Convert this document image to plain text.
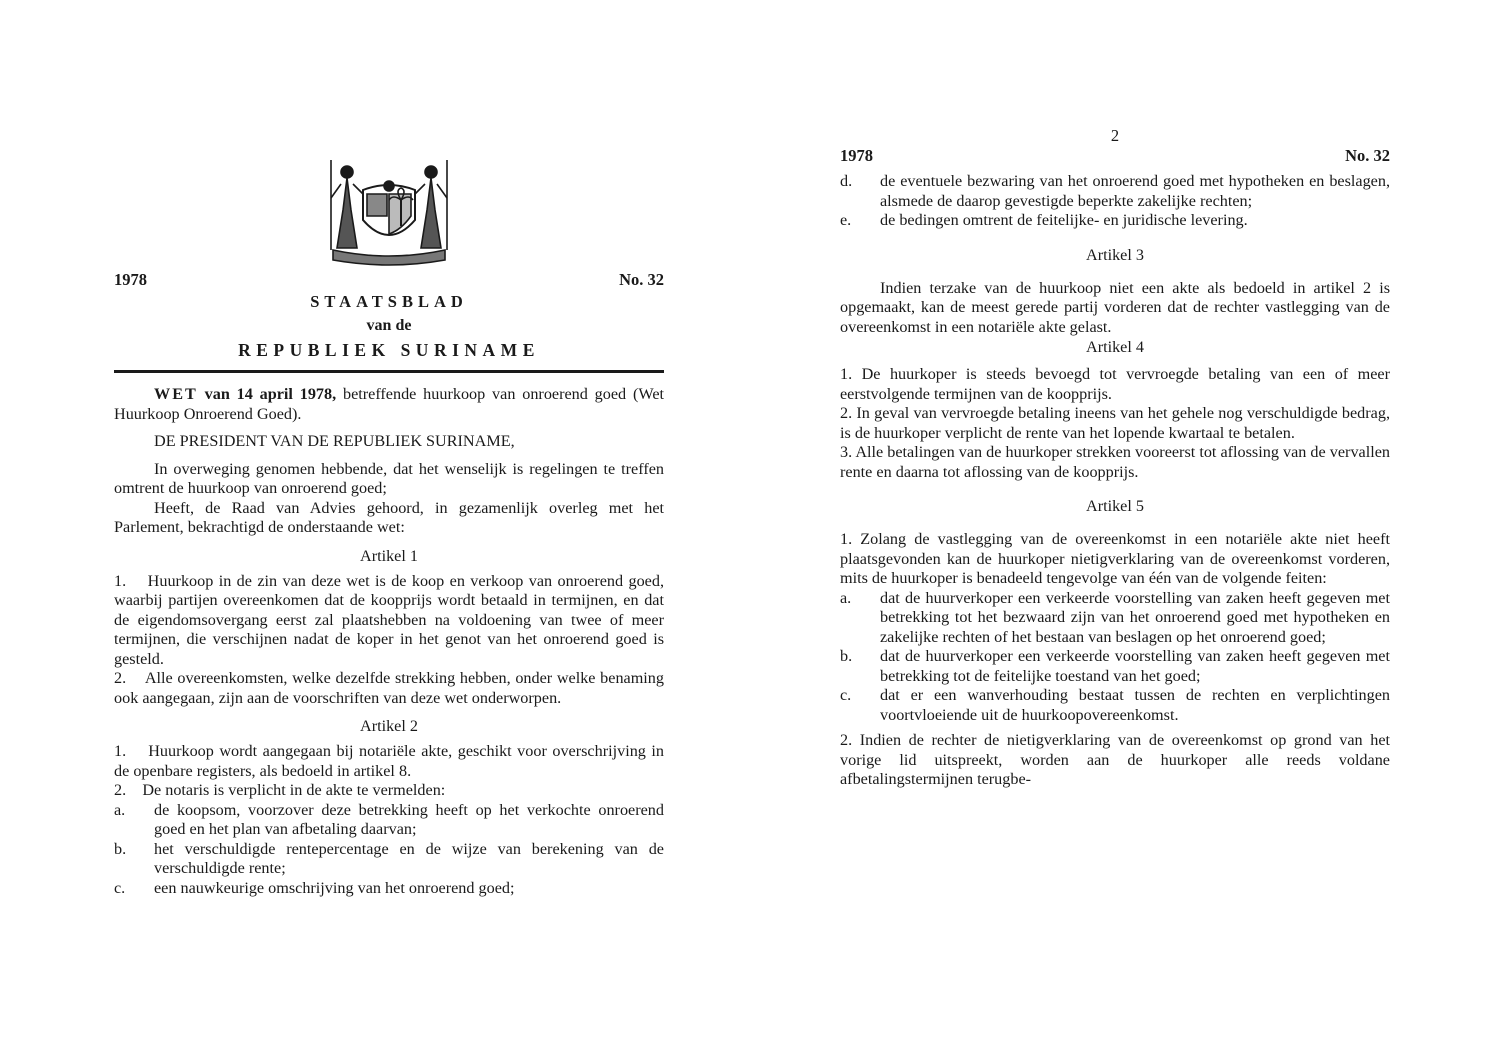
1978	No. 32
STAATSBLAD
van de
REPUBLIEK SURINAME

WET van 14 april 1978, betreffende huurkoop van onroerend goed (Wet Huurkoop Onroerend Goed).

DE PRESIDENT VAN DE REPUBLIEK SURINAME,

In overweging genomen hebbende, dat het wenselijk is regelingen te treffen omtrent de huurkoop van onroerend goed;

Heeft, de Raad van Advies gehoord, in gezamenlijk overleg met het Parlement, bekrachtigd de onderstaande wet:

Artikel 1

1. Huurkoop in de zin van deze wet is de koop en verkoop van onroerend goed, waarbij partijen overeenkomen dat de koopprijs wordt betaald in termijnen, en dat de eigendomsovergang eerst zal plaatshebben na voldoening van twee of meer termijnen, die verschijnen nadat de koper in het genot van het onroerend goed is gesteld.

2. Alle overeenkomsten, welke dezelfde strekking hebben, onder welke benaming ook aangegaan, zijn aan de voorschriften van deze wet onderworpen.

Artikel 2

1. Huurkoop wordt aangegaan bij notariële akte, geschikt voor overschrijving in de openbare registers, als bedoeld in artikel 8.

2. De notaris is verplicht in de akte te vermelden:

a. de koopsom, voorzover deze betrekking heeft op het verkochte onroerend goed en het plan van afbetaling daarvan;
b. het verschuldigde rentepercentage en de wijze van berekening van de verschuldigde rente;
c. een nauwkeurige omschrijving van het onroerend goed;
2
1978	No. 32
d. de eventuele bezwaring van het onroerend goed met hypotheken en beslagen, alsmede de daarop gevestigde beperkte zakelijke rechten;
e. de bedingen omtrent de feitelijke- en juridische levering.
Artikel 3

Indien terzake van de huurkoop niet een akte als bedoeld in artikel 2 is opgemaakt, kan de meest gerede partij vorderen dat de rechter vastlegging van de overeenkomst in een notariële akte gelast.

Artikel 4

1. De huurkoper is steeds bevoegd tot vervroegde betaling van een of meer eerstvolgende termijnen van de koopprijs.

2. In geval van vervroegde betaling ineens van het gehele nog verschuldigde bedrag, is de huurkoper verplicht de rente van het lopende kwartaal te betalen.

3. Alle betalingen van de huurkoper strekken vooreerst tot aflossing van de vervallen rente en daarna tot aflossing van de koopprijs.

Artikel 5

1. Zolang de vastlegging van de overeenkomst in een notariële akte niet heeft plaatsgevonden kan de huurkoper nietigverklaring van de overeenkomst vorderen, mits de huurkoper is benadeeld tengevolge van één van de volgende feiten:

a. dat de huurverkoper een verkeerde voorstelling van zaken heeft gegeven met betrekking tot het bezwaard zijn van het onroerend goed met hypotheken en zakelijke rechten of het bestaan van beslagen op het onroerend goed;
b. dat de huurverkoper een verkeerde voorstelling van zaken heeft gegeven met betrekking tot de feitelijke toestand van het goed;
c. dat er een wanverhouding bestaat tussen de rechten en verplichtingen voortvloeiende uit de huurkoopovereenkomst.

2. Indien de rechter de nietigverklaring van de overeenkomst op grond van het vorige lid uitspreekt, worden aan de huurkoper alle reeds voldane afbetalingstermijnen terugbe-
